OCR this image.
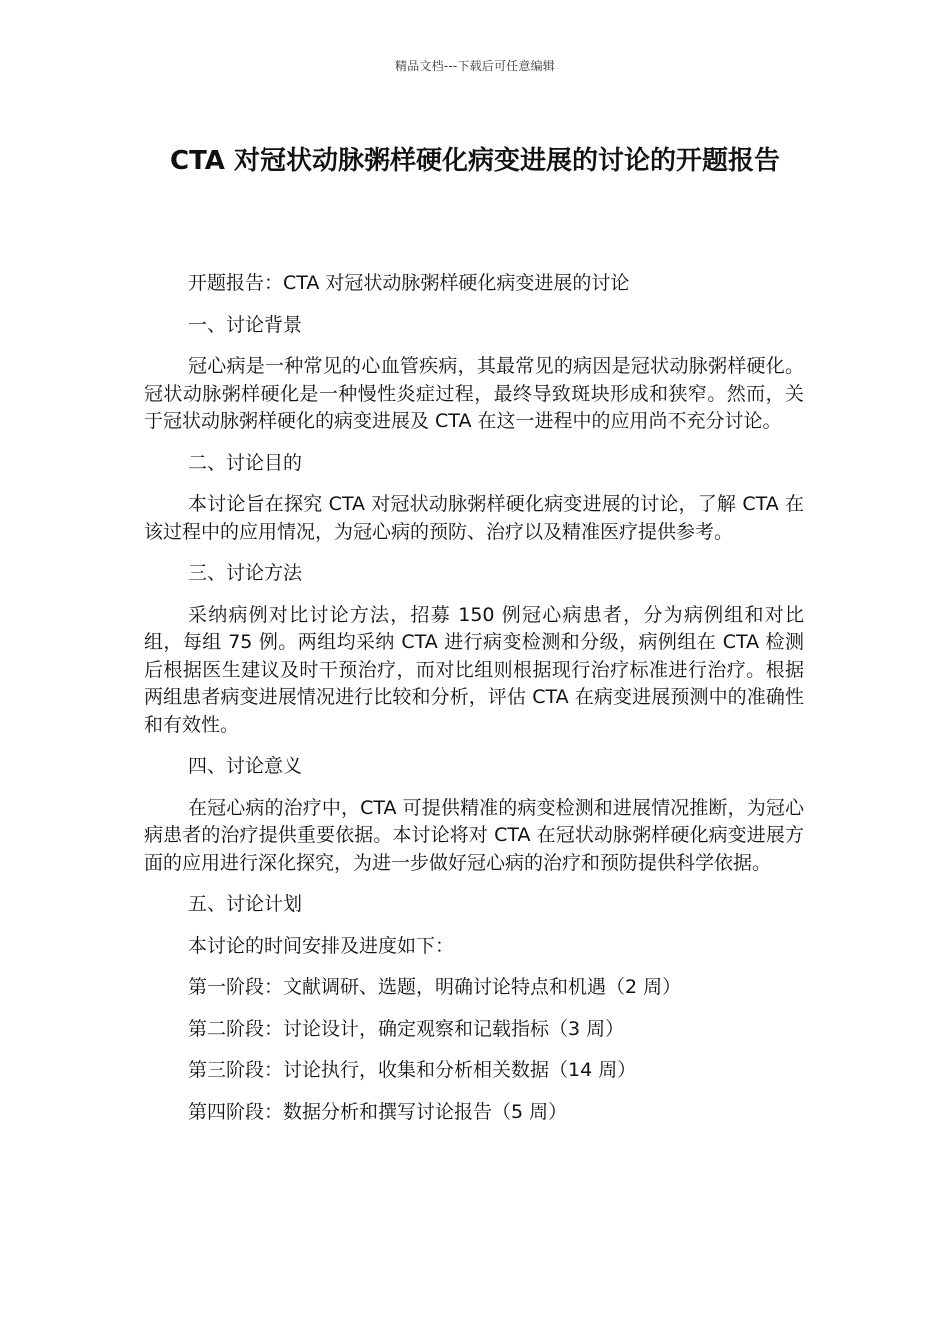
精品文档---下载后可任意编辑
CTA 对冠状动脉粥样硬化病变进展的讨论的开题报告

开题报告：CTA 对冠状动脉粥样硬化病变进展的讨论

一、讨论背景

冠心病是一种常见的心血管疾病，其最常见的病因是冠状动脉粥样硬化。冠状动脉粥样硬化是一种慢性炎症过程，最终导致斑块形成和狭窄。然而，关于冠状动脉粥样硬化的病变进展及 CTA 在这一进程中的应用尚不充分讨论。

二、讨论目的

本讨论旨在探究 CTA 对冠状动脉粥样硬化病变进展的讨论，了解 CTA 在该过程中的应用情况，为冠心病的预防、治疗以及精准医疗提供参考。

三、讨论方法

采纳病例对比讨论方法，招募 150 例冠心病患者，分为病例组和对比组，每组 75 例。两组均采纳 CTA 进行病变检测和分级，病例组在 CTA 检测后根据医生建议及时干预治疗，而对比组则根据现行治疗标准进行治疗。根据两组患者病变进展情况进行比较和分析，评估 CTA 在病变进展预测中的准确性和有效性。

四、讨论意义

在冠心病的治疗中，CTA 可提供精准的病变检测和进展情况推断，为冠心病患者的治疗提供重要依据。本讨论将对 CTA 在冠状动脉粥样硬化病变进展方面的应用进行深化探究，为进一步做好冠心病的治疗和预防提供科学依据。

五、讨论计划

本讨论的时间安排及进度如下：

第一阶段：文献调研、选题，明确讨论特点和机遇（2 周）

第二阶段：讨论设计，确定观察和记载指标（3 周）

第三阶段：讨论执行，收集和分析相关数据（14 周）

第四阶段：数据分析和撰写讨论报告（5 周）
